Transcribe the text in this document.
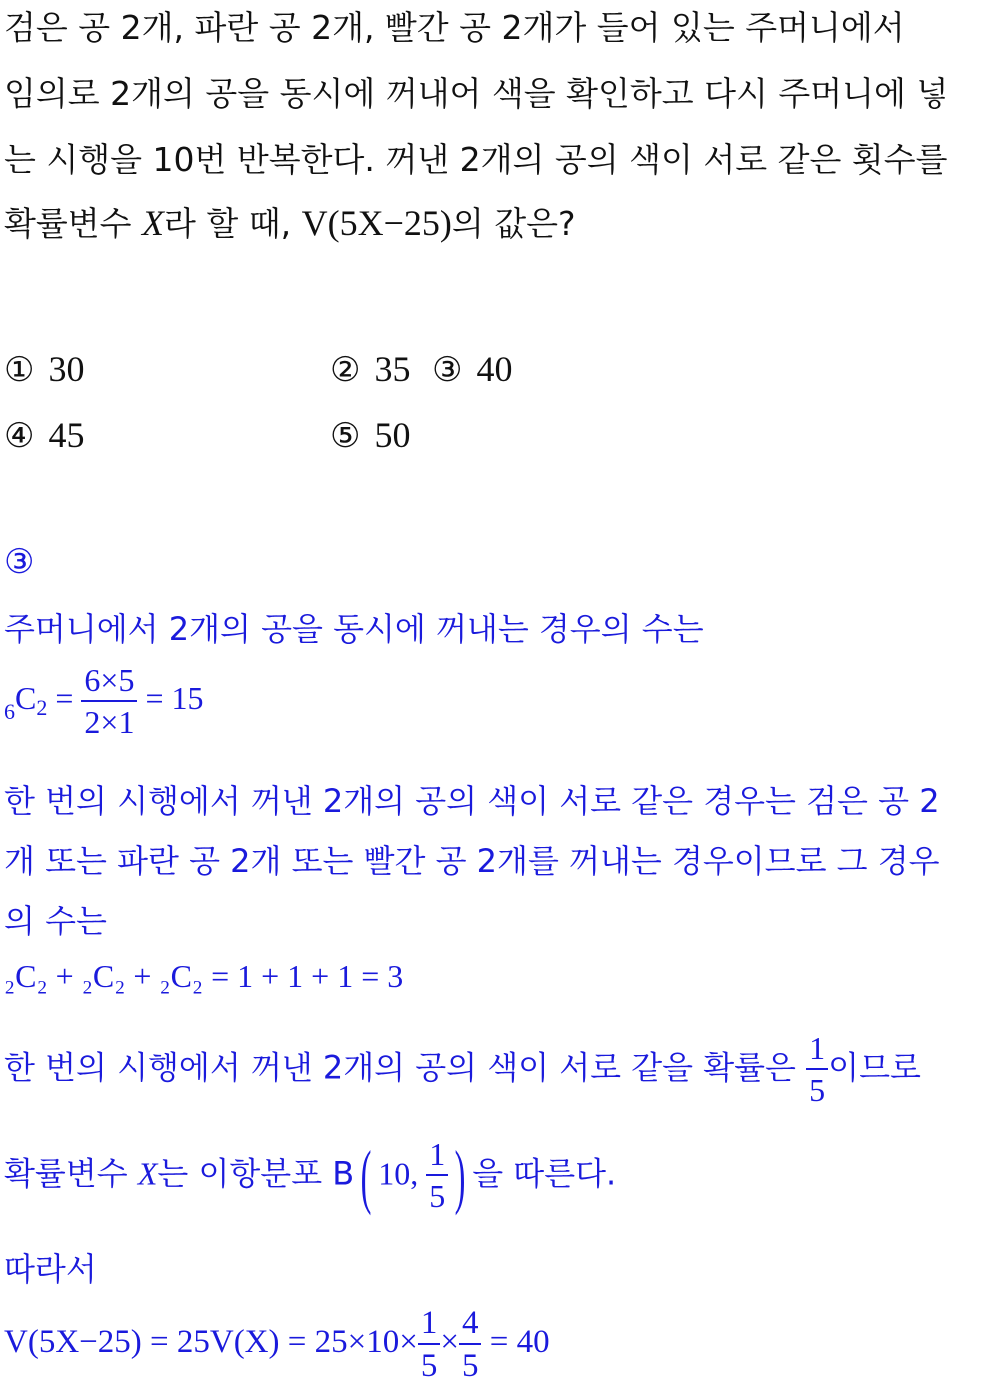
검은 공 2개, 파란 공 2개, 빨간 공 2개가 들어 있는 주머니에서
임의로 2개의 공을 동시에 꺼내어 색을 확인하고 다시 주머니에 넣
는 시행을 10번 반복한다. 꺼낸 2개의 공의 색이 서로 같은 횟수를
확률변수 X라 할 때, V(5X−25)의 값은?
① 30	② 35 ③ 40
④ 45	⑤ 50
③
주머니에서 2개의 공을 동시에 꺼내는 경우의 수는
$_6C_2 = \frac{6\times 5}{2\times 1} = 15$
한 번의 시행에서 꺼낸 2개의 공의 색이 서로 같은 경우는 검은 공 2
개 또는 파란 공 2개 또는 빨간 공 2개를 꺼내는 경우이므로 그 경우
의 수는
₂C₂ + ₂C₂ + ₂C₂ = 1 + 1 + 1 = 3
한 번의 시행에서 꺼낸 2개의 공의 색이 서로 같을 확률은 $\frac{1}{5}$ 이므로
확률변수 X는 이항분포 B( 10, $\frac{1}{5}$ ) 을 따른다.
따라서
$V(5X-25) = 25V(X) = 25\times 10\times \frac{1}{5} \times \frac{4}{5} = 40$
